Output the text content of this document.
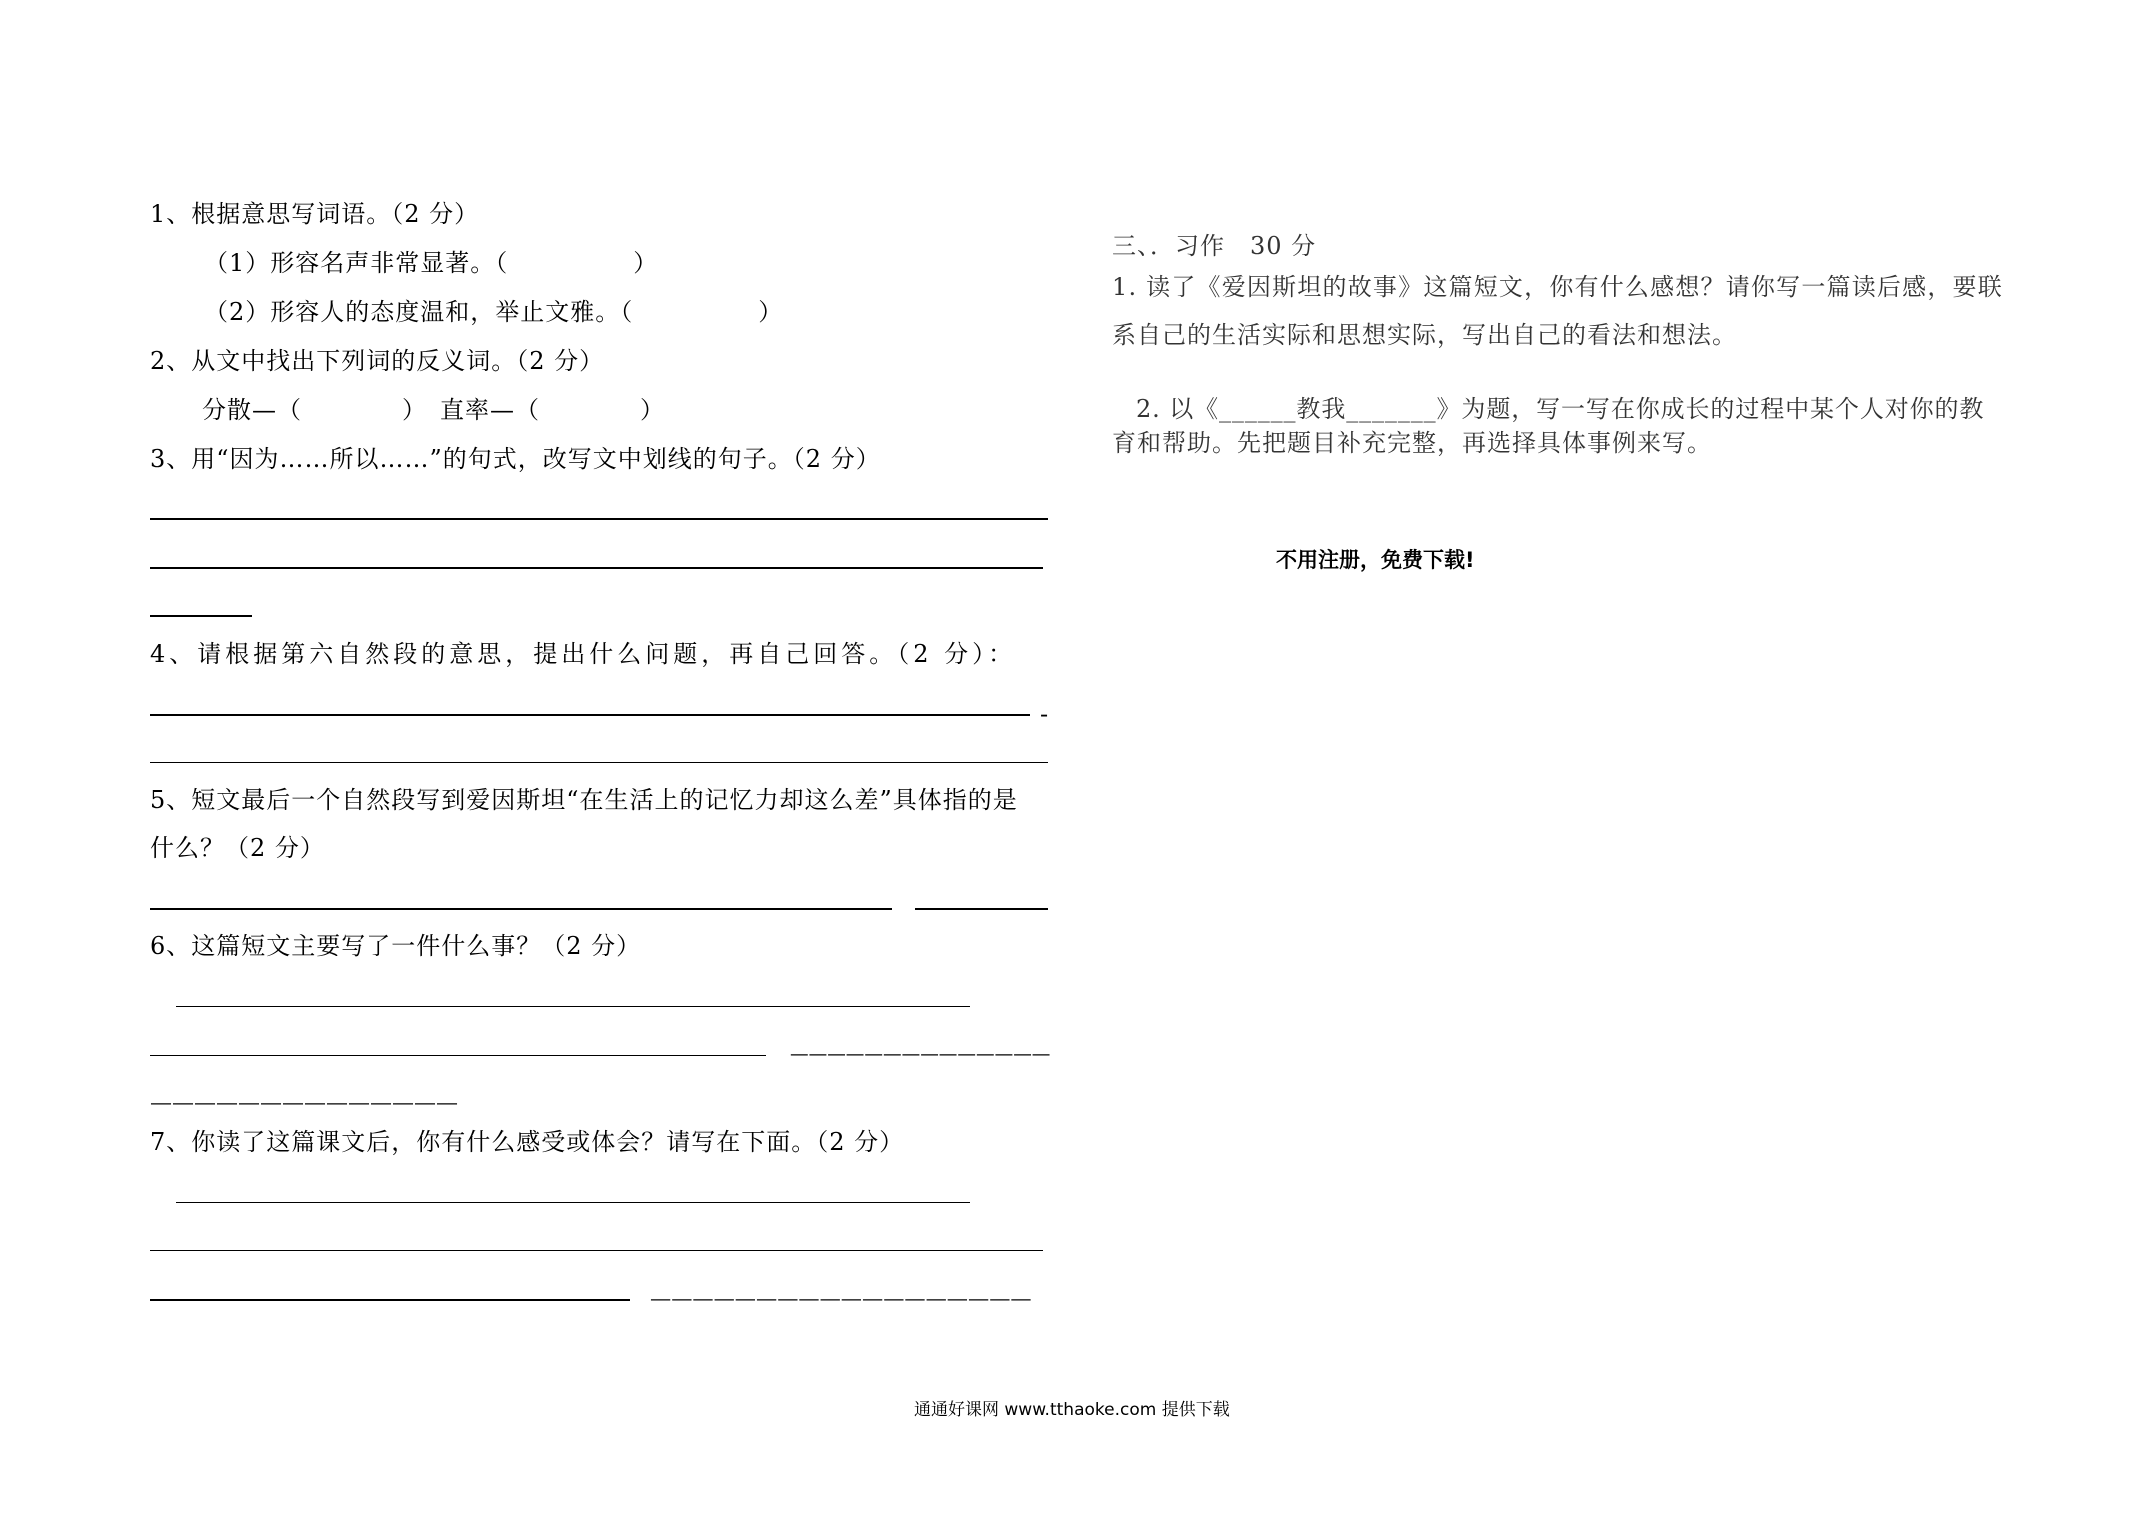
1、根据意思写词语。（2 分）
（1）形容名声非常显著。（　　　　　）
（2）形容人的态度温和，举止文雅。（　　　　　）
2、从文中找出下列词的反义词。（2 分）
分散—（　　　　）　直率—（　　　　）
3、用“因为……所以……”的句式，改写文中划线的句子。（2 分）
4、请根据第六自然段的意思，提出什么问题，再自己回答。（2 分）：
-
5、短文最后一个自然段写到爱因斯坦“在生活上的记忆力却这么差”具体指的是
什么？（2 分）
6、这篇短文主要写了一件什么事？（2 分）
——————————————
——————————————
7、你读了这篇课文后，你有什么感受或体会？请写在下面。（2 分）
——————————————————
三、．习作　30 分
1. 读了《爱因斯坦的故事》这篇短文，你有什么感想？请你写一篇读后感，要联
系自己的生活实际和思想实际，写出自己的看法和想法。
2. 以《______教我_______》为题，写一写在你成长的过程中某个人对你的教
育和帮助。先把题目补充完整，再选择具体事例来写。
不用注册，免费下载!
通通好课网 www.tthaoke.com 提供下载
